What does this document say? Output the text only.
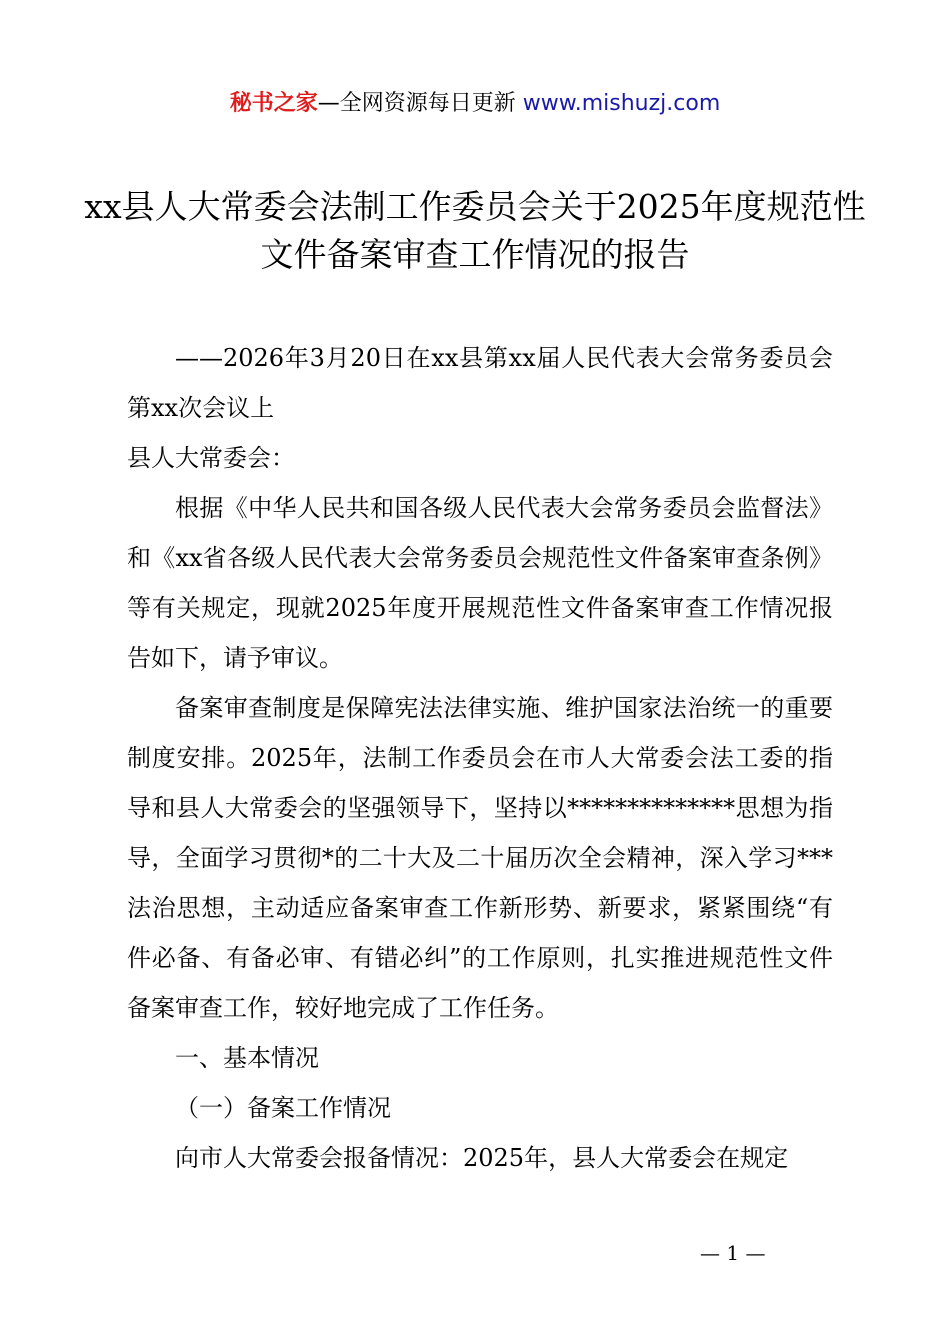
秘书之家—全网资源每日更新 www.mishuzj.com
xx县人大常委会法制工作委员会关于2025年度规范性文件备案审查工作情况的报告

——2026年3月20日在xx县第xx届人民代表大会常务委员会第xx次会议上

县人大常委会：

根据《中华人民共和国各级人民代表大会常务委员会监督法》和《xx省各级人民代表大会常务委员会规范性文件备案审查条例》等有关规定，现就2025年度开展规范性文件备案审查工作情况报告如下，请予审议。

备案审查制度是保障宪法法律实施、维护国家法治统一的重要制度安排。2025年，法制工作委员会在市人大常委会法工委的指导和县人大常委会的坚强领导下，坚持以**************思想为指导，全面学习贯彻*的二十大及二十届历次全会精神，深入学习***法治思想，主动适应备案审查工作新形势、新要求，紧紧围绕“有件必备、有备必审、有错必纠”的工作原则，扎实推进规范性文件备案审查工作，较好地完成了工作任务。

一、基本情况

（一）备案工作情况

向市人大常委会报备情况：2025年，县人大常委会在规定

— 1 —
